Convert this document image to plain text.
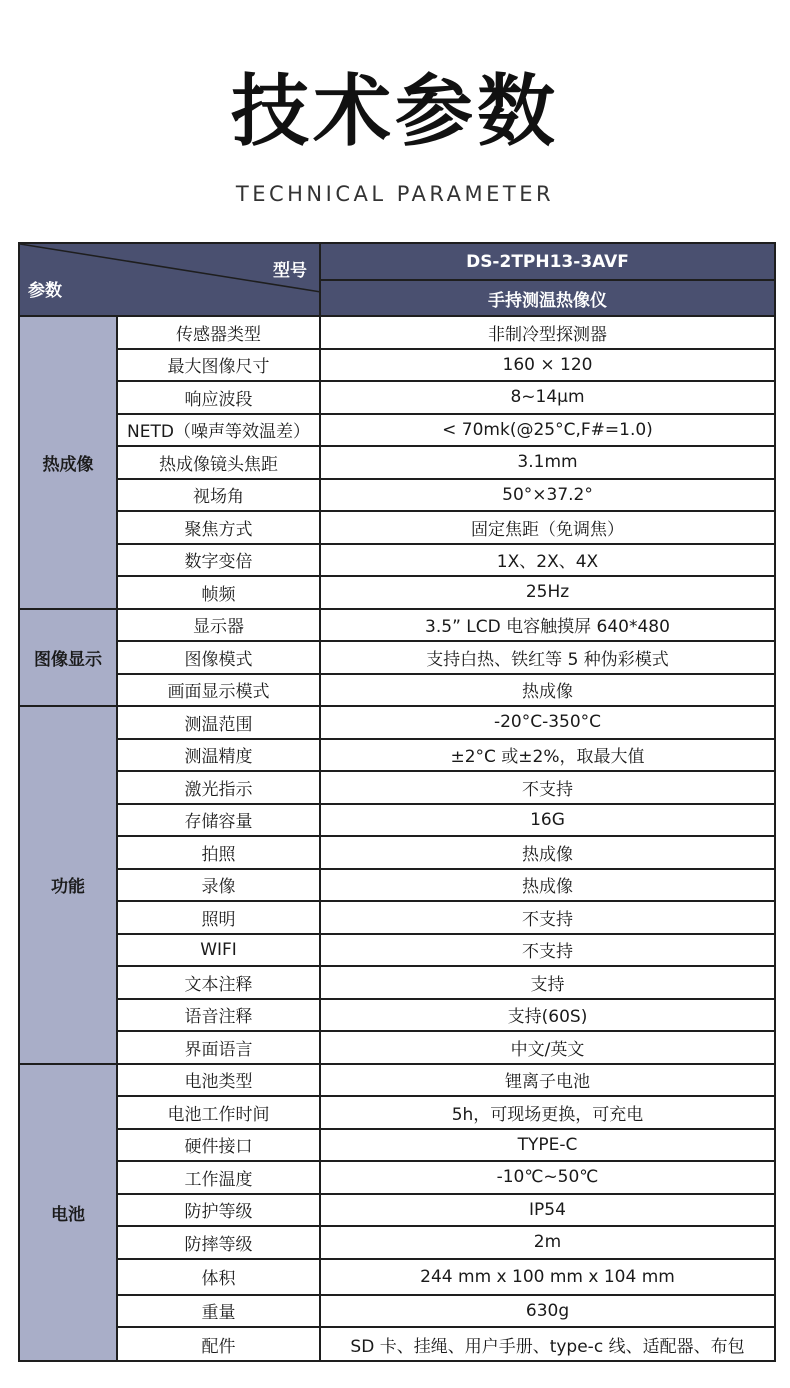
技术参数
TECHNICAL PARAMETER
型号
参数		DS-2TPH13-3AVF
		手持测温热像仪
热成像	传感器类型	非制冷型探测器
	最大图像尺寸	160 × 120
	响应波段	8~14μm
	NETD（噪声等效温差）	< 70mk(@25°C,F#=1.0)
	热成像镜头焦距	3.1mm
	视场角	50°×37.2°
	聚焦方式	固定焦距（免调焦）
	数字变倍	1X、2X、4X
	帧频	25Hz
图像显示	显示器	3.5” LCD 电容触摸屏 640*480
	图像模式	支持白热、铁红等 5 种伪彩模式
	画面显示模式	热成像
功能	测温范围	-20°C-350°C
	测温精度	±2°C 或±2%，取最大值
	激光指示	不支持
	存储容量	16G
	拍照	热成像
	录像	热成像
	照明	不支持
	WIFI	不支持
	文本注释	支持
	语音注释	支持(60S)
	界面语言	中文/英文
电池	电池类型	锂离子电池
	电池工作时间	5h，可现场更换，可充电
	硬件接口	TYPE-C
	工作温度	-10℃~50℃
	防护等级	IP54
	防摔等级	2m
	体积	244 mm x 100 mm x 104 mm
	重量	630g
	配件	SD 卡、挂绳、用户手册、type-c 线、适配器、布包
